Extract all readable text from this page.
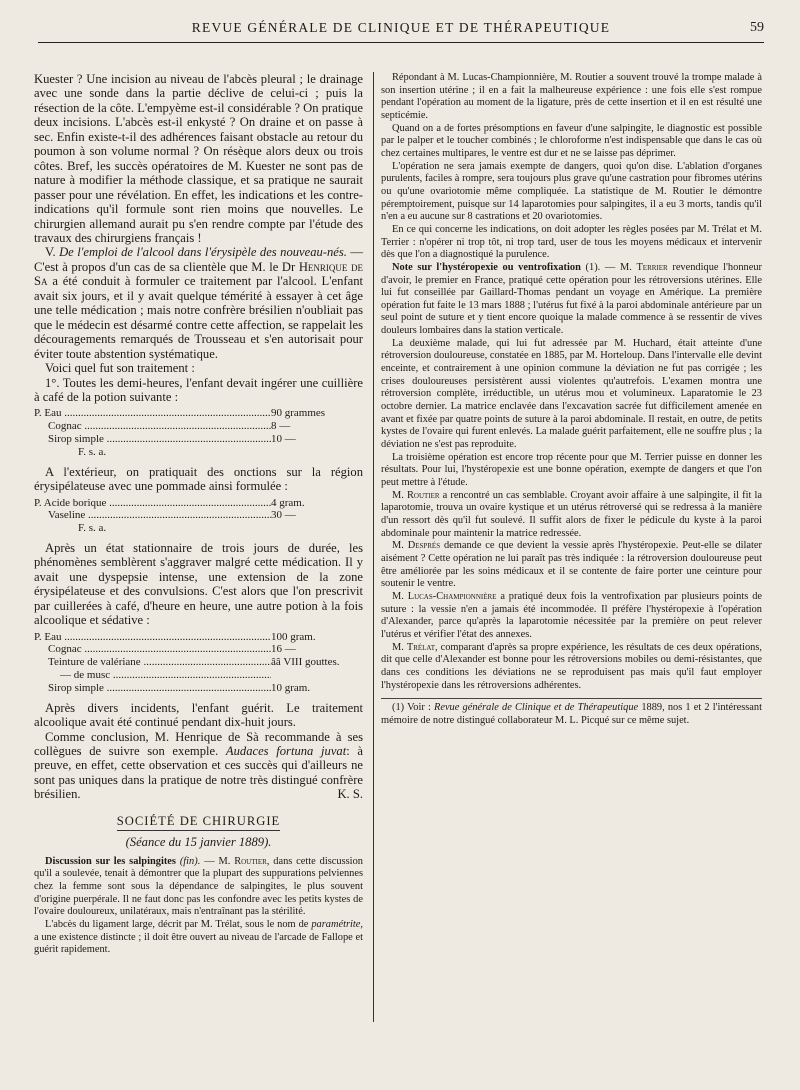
REVUE GÉNÉRALE DE CLINIQUE ET DE THÉRAPEUTIQUE	59

Kuester ? Une incision au niveau de l'abcès pleural ; le drainage avec une sonde dans la partie déclive de celui-ci ; puis la résection de la côte. L'empyème est-il considérable ? On pratique deux incisions. L'abcès est-il enkysté ? On draine et on passe à sec. Enfin existe-t-il des adhérences faisant obstacle au retour du poumon à son volume normal ? On résèque alors deux ou trois côtes. Bref, les succès opératoires de M. Kuester ne sont pas de nature à modifier la méthode classique, et sa pratique ne saurait passer pour une révélation. En effet, les indications et les contre-indications qu'il formule sont rien moins que nouvelles. Le chirurgien allemand aurait pu s'en rendre compte par l'étude des travaux des chirurgiens français !

V. De l'emploi de l'alcool dans l'érysipèle des nouveau-nés. — C'est à propos d'un cas de sa clientèle que M. le Dr Henrique de Sa a été conduit à formuler ce traitement par l'alcool. L'enfant avait six jours, et il y avait quelque témérité à essayer à cet âge une telle médication ; mais notre confrère brésilien n'oubliait pas que le médecin est désarmé contre cette affection, se rappelait les découragements remarqués de Trousseau et s'en autorisait pour éviter toute abstention systématique.

Voici quel fut son traitement :

1°. Toutes les demi-heures, l'enfant devait ingérer une cuillière à café de la potion suivante :

P. Eau .....	90 grammes
Cognac .....	8 —
Sirop simple .....	10 —
F. s. a.

A l'extérieur, on pratiquait des onctions sur la région érysipélateuse avec une pommade ainsi formulée :

P. Acide borique .....	4 gram.
Vaseline .....	30 —
F. s. a.

Après un état stationnaire de trois jours de durée, les phénomènes semblèrent s'aggraver malgré cette médication. Il y avait une dyspepsie intense, une extension de la zone érysipélateuse et des convulsions. C'est alors que l'on prescrivit par cuillerées à café, d'heure en heure, une autre potion à la fois alcoolique et sédative :

P. Eau .....	100 gram.
Cognac .....	16 —
Teinture de valériane .....	ââ VIII gouttes.
— de musc .....
Sirop simple .....	10 gram.

Après divers incidents, l'enfant guérit. Le traitement alcoolique avait été continué pendant dix-huit jours.

Comme conclusion, M. Henrique de Sà recommande à ses collègues de suivre son exemple. Audaces fortuna juvat: à preuve, en effet, cette observation et ces succès qui d'ailleurs ne sont pas uniques dans la pratique de notre très distingué confrère brésilien.	K. S.

SOCIÉTÉ DE CHIRURGIE
(Séance du 15 janvier 1889).

Discussion sur les salpingites (fin). — M. Routier, dans cette discussion qu'il a soulevée, tenait à démontrer que la plupart des suppurations pelviennes chez la femme sont sous la dépendance de salpingites, le plus souvent d'origine puerpérale. Il ne faut donc pas les confondre avec les petits kystes de l'ovaire douloureux, unilatéraux, mais n'entraînant pas la stérilité.

L'abcès du ligament large, décrit par M. Trélat, sous le nom de paramétrite, a une existence distincte ; il doit être ouvert au niveau de l'arcade de Fallope et guérit rapidement.

Répondant à M. Lucas-Championnière, M. Routier a souvent trouvé la trompe malade à son insertion utérine ; il en a fait la malheureuse expérience : une fois elle s'est rompue pendant l'opération au moment de la ligature, près de cette insertion et il en est résulté une septicémie.

Quand on a de fortes présomptions en faveur d'une salpingite, le diagnostic est possible par le palper et le toucher combinés ; le chloroforme n'est indispensable que dans le cas où chez certaines multipares, le ventre est dur et ne se laisse pas déprimer.

L'opération ne sera jamais exempte de dangers, quoi qu'on dise. L'ablation d'organes purulents, faciles à rompre, sera toujours plus grave qu'une castration pour fibromes utérins ou qu'une ovariotomie même compliquée. La statistique de M. Routier le démontre péremptoirement, puisque sur 14 laparotomies pour salpingites, il a eu 3 morts, tandis qu'il n'en a eu aucune sur 8 castrations et 20 ovariotomies.

En ce qui concerne les indications, on doit adopter les règles posées par M. Trélat et M. Terrier : n'opérer ni trop tôt, ni trop tard, user de tous les moyens médicaux et intervenir dès que l'on a diagnostiqué la purulence.

Note sur l'hystéropexie ou ventrofixation (1). — M. Terrier revendique l'honneur d'avoir, le premier en France, pratiqué cette opération pour les rétroversions utérines. Elle lui fut conseillée par Gaillard-Thomas pendant un voyage en Amérique. La première opération fut faite le 13 mars 1888 ; l'utérus fut fixé à la paroi abdominale antérieure par un seul point de suture et y tient encore quoique la malade commence à se ressentir de vives douleurs lombaires dans la station verticale.

La deuxième malade, qui lui fut adressée par M. Huchard, était atteinte d'une rétroversion douloureuse, constatée en 1885, par M. Horteloup. Dans l'intervalle elle devint enceinte, et contrairement à une opinion commune la déviation ne fut pas corrigée ; les crises douloureuses persistèrent aussi violentes qu'autrefois. L'examen montra une rétroversion complète, irréductible, un utérus mou et volumineux. Laparatomie le 23 octobre dernier. La matrice enclavée dans l'excavation sacrée fut difficilement amenée en avant et fixée par quatre points de suture à la paroi abdominale. Il restait, en outre, de petits kystes de l'ovaire qui furent enlevés. La malade guérit parfaitement, elle ne souffre plus ; la déviation ne s'est pas reproduite.

La troisième opération est encore trop récente pour que M. Terrier puisse en donner les résultats. Pour lui, l'hystéropexie est une bonne opération, exempte de dangers et que l'on peut mettre à l'étude.

M. Routier a rencontré un cas semblable. Croyant avoir affaire à une salpingite, il fit la laparotomie, trouva un ovaire kystique et un utérus rétroversé qui se redressa à la manière d'un ressort dès qu'il fut soulevé. Il suffit alors de fixer le pédicule du kyste à la paroi abdominale pour maintenir la matrice redressée.

M. Després demande ce que devient la vessie après l'hystéropexie. Peut-elle se dilater aisément ? Cette opération ne lui paraît pas très indiquée : la rétroversion douloureuse peut être améliorée par les soins médicaux et il se contente de faire porter une ceinture pour soutenir le ventre.

M. Lucas-Championnière a pratiqué deux fois la ventrofixation par plusieurs points de suture : la vessie n'en a jamais été incommodée. Il préfère l'hystéropexie à l'opération d'Alexander, parce qu'après la laparotomie nécessitée par la première on peut relever l'utérus et vérifier l'état des annexes.

M. Trélat, comparant d'après sa propre expérience, les résultats de ces deux opérations, dit que celle d'Alexander est bonne pour les rétroversions mobiles ou demi-résistantes, que dans ces conditions les déviations ne se reproduisent pas mais qu'il faut employer l'hystéropexie dans les rétroversions adhérentes.

(1) Voir : Revue générale de Clinique et de Thérapeutique 1889, nos 1 et 2 l'intéressant mémoire de notre distingué collaborateur M. L. Picqué sur ce même sujet.
